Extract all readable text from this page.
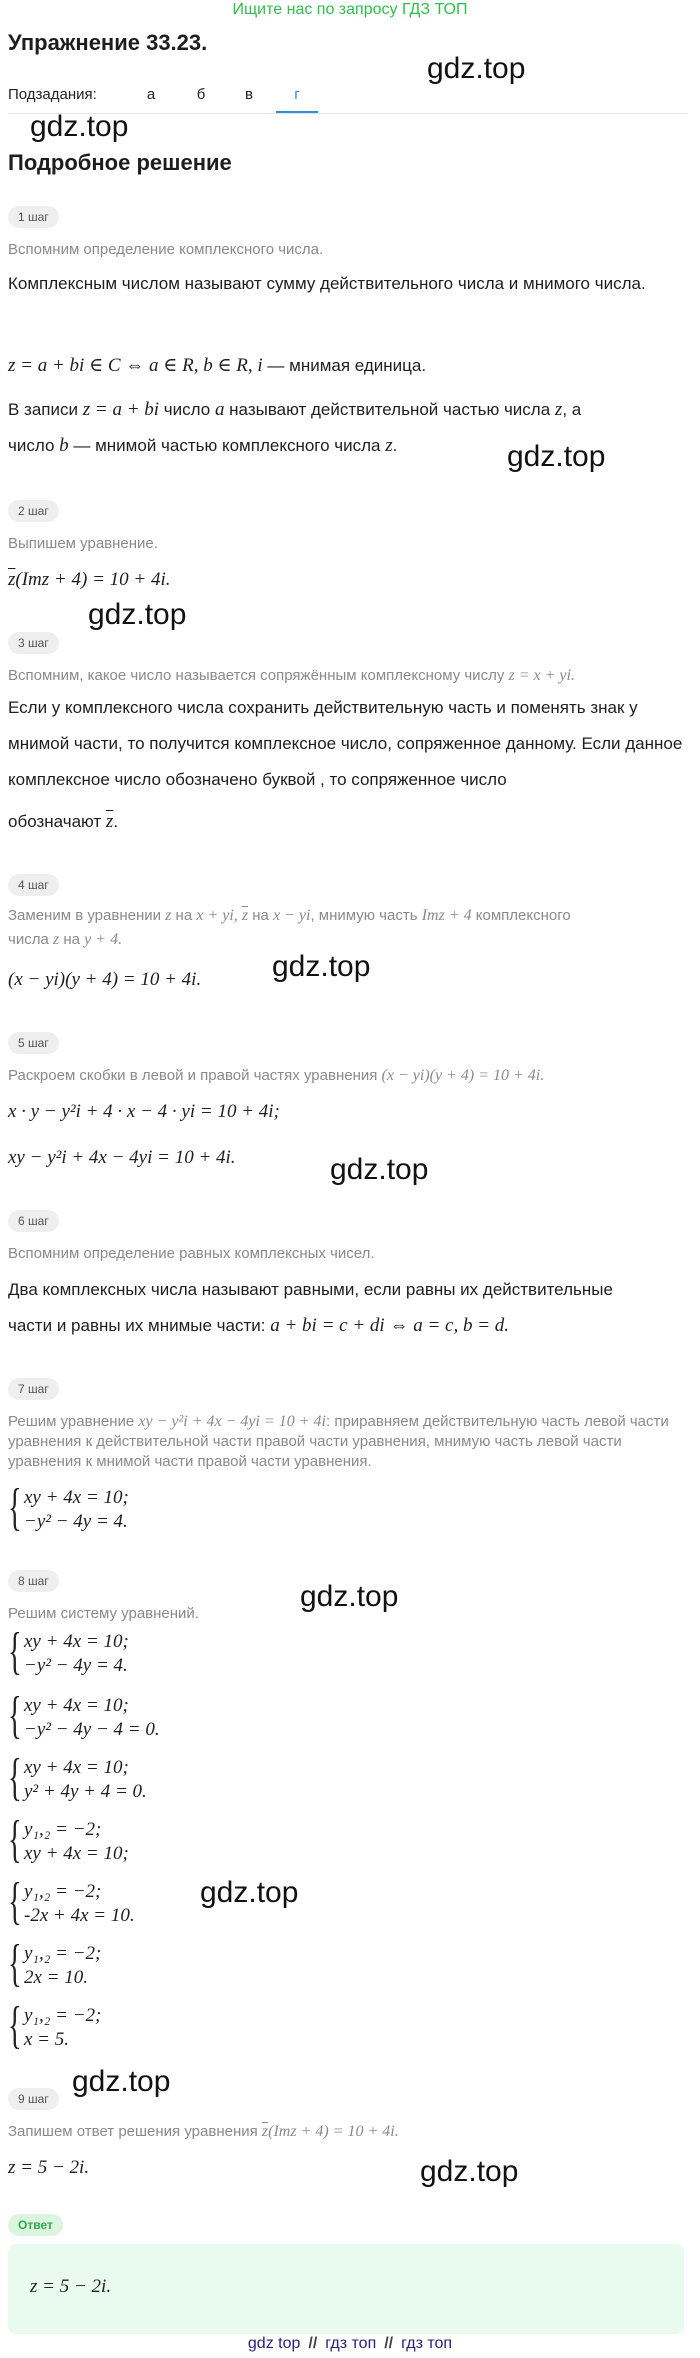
Ищите нас по запросу ГДЗ ТОП
Упражнение 33.23.
Подзадания:	а	б	в	г
gdz.top
gdz.top
gdz.top
gdz.top
gdz.top
gdz.top
gdz.top
gdz.top
gdz.top
gdz.top
Подробное решение
1 шаг
Вспомним определение комплексного числа.
Комплексным числом называют сумму действительного числа и мнимого числа.
z = a + bi ∈ C ⇔ a ∈ R, b ∈ R, i — мнимая единица.
В записи z = a + bi число a называют действительной частью числа z, а
число b — мнимой частью комплексного числа z.
2 шаг
Выпишем уравнение.
$\overline{z}(Imz + 4) = 10 + 4i$.
3 шаг
Вспомним, какое число называется сопряжённым комплексному числу z = x + yi.
Если у комплексного числа сохранить действительную часть и поменять знак у мнимой части, то получится комплексное число, сопряженное данному. Если данное комплексное число обозначено буквой , то сопряженное число
обозначают $\overline{z}$.
4 шаг
Заменим в уравнении z на x + yi, $\overline{z}$ на x − yi, мнимую часть Imz + 4 комплексного
числа z на y + 4.
(x − yi)(y + 4) = 10 + 4i.
5 шаг
Раскроем скобки в левой и правой частях уравнения (x − yi)(y + 4) = 10 + 4i.
x · y − y²i + 4 · x − 4 · yi = 10 + 4i;
xy − y²i + 4x − 4yi = 10 + 4i.
6 шаг
Вспомним определение равных комплексных чисел.
Два комплексных числа называют равными, если равны их действительные
части и равны их мнимые части: a + bi = c + di ⇔ a = c, b = d.
7 шаг
Решим уравнение xy − y²i + 4x − 4yi = 10 + 4i: приравняем действительную часть левой части уравнения к действительной части правой части уравнения, мнимую часть левой части уравнения к мнимой части правой части уравнения.
{ xy + 4x = 10;
−y² − 4y = 4.
8 шаг
Решим систему уравнений.
{ xy + 4x = 10;
−y² − 4y = 4.
{ xy + 4x = 10;
−y² − 4y − 4 = 0.
{ xy + 4x = 10;
y² + 4y + 4 = 0.
{ y₁,₂ = −2;
xy + 4x = 10;
{ y₁,₂ = −2;
-2x + 4x = 10.
{ y₁,₂ = −2;
2x = 10.
{ y₁,₂ = −2;
x = 5.
9 шаг
Запишем ответ решения уравнения $\overline{z}(Imz + 4) = 10 + 4i$.
z = 5 − 2i.
Ответ
z = 5 − 2i.
gdz top // гдз топ // гдз топ
